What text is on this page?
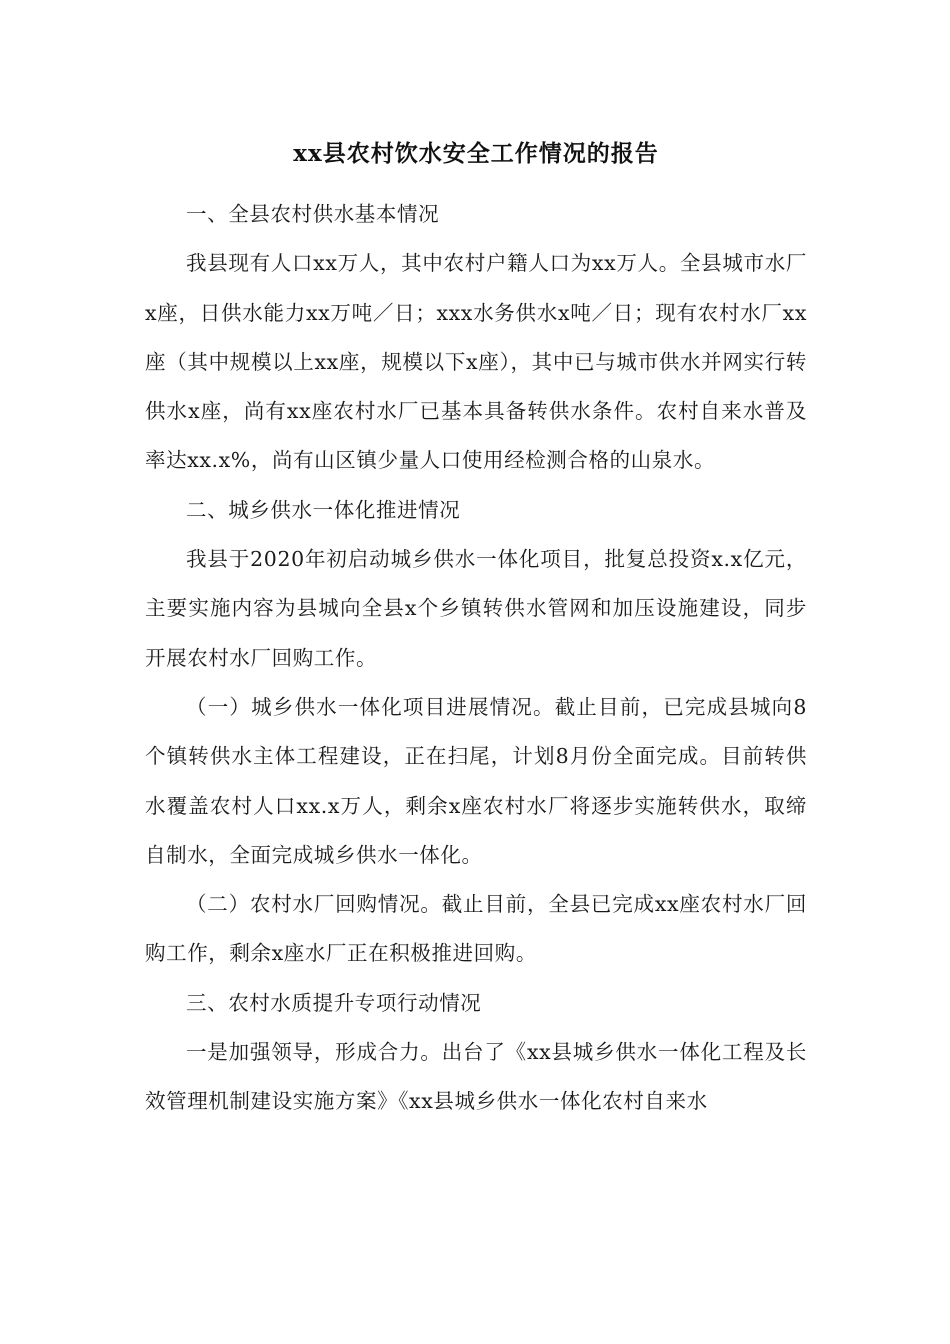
xx县农村饮水安全工作情况的报告

一、全县农村供水基本情况

我县现有人口xx万人，其中农村户籍人口为xx万人。全县城市水厂x座，日供水能力xx万吨／日；xxx水务供水x吨／日；现有农村水厂xx座（其中规模以上xx座，规模以下x座），其中已与城市供水并网实行转供水x座，尚有xx座农村水厂已基本具备转供水条件。农村自来水普及率达xx.x%，尚有山区镇少量人口使用经检测合格的山泉水。

二、城乡供水一体化推进情况

我县于2020年初启动城乡供水一体化项目，批复总投资x.x亿元，主要实施内容为县城向全县x个乡镇转供水管网和加压设施建设，同步开展农村水厂回购工作。

（一）城乡供水一体化项目进展情况。截止目前，已完成县城向8个镇转供水主体工程建设，正在扫尾，计划8月份全面完成。目前转供水覆盖农村人口xx.x万人，剩余x座农村水厂将逐步实施转供水，取缔自制水，全面完成城乡供水一体化。

（二）农村水厂回购情况。截止目前，全县已完成xx座农村水厂回购工作，剩余x座水厂正在积极推进回购。

三、农村水质提升专项行动情况

一是加强领导，形成合力。出台了《xx县城乡供水一体化工程及长效管理机制建设实施方案》《xx县城乡供水一体化农村自来水
